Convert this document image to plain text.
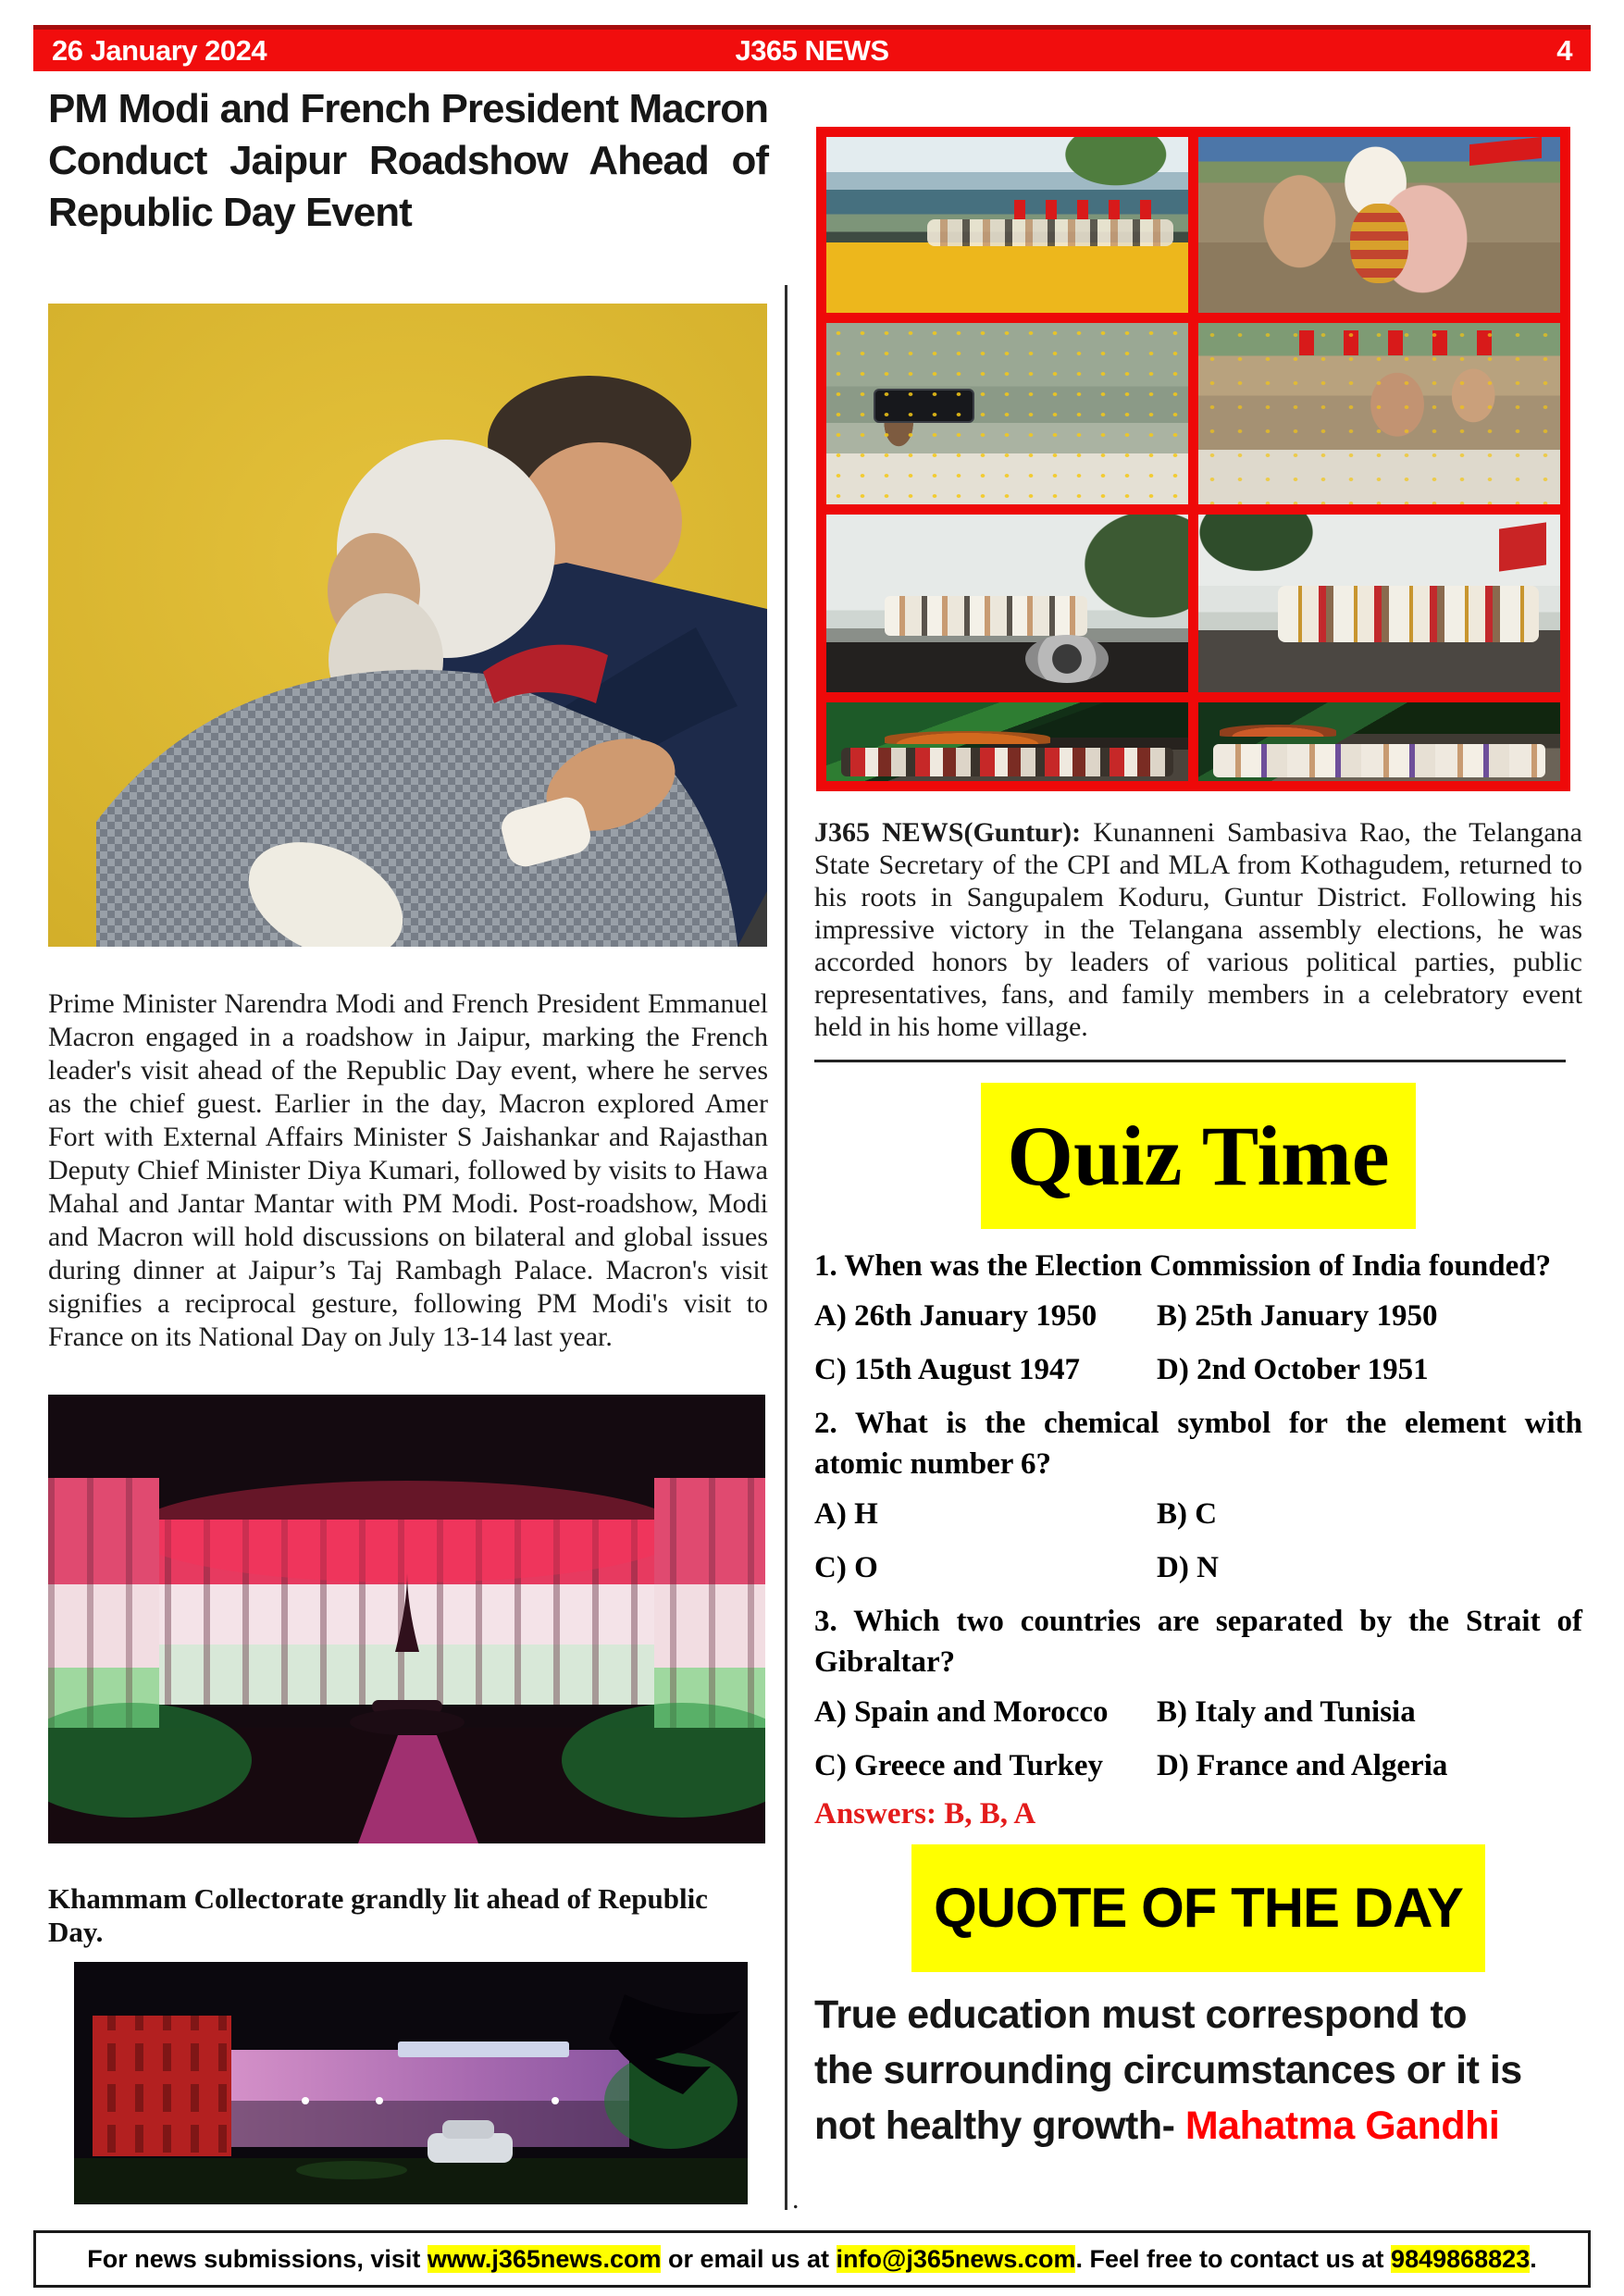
26 January 2024	J365 NEWS	4
.
PM Modi and French President Macron
Conduct Jaipur Roadshow Ahead of
Republic Day Event
Prime Minister Narendra Modi and French President Emmanuel Macron engaged in a roadshow in Jaipur, marking the French leader's visit ahead of the Republic Day event, where he serves as the chief guest. Earlier in the day, Macron explored Amer Fort with External Affairs Minister S Jaishankar and Rajasthan Deputy Chief Minister Diya Kumari, followed by visits to Hawa Mahal and Jantar Mantar with PM Modi. Post-roadshow, Modi and Macron will hold discussions on bilateral and global issues during dinner at Jaipur’s Taj Rambagh Palace. Macron's visit signifies a reciprocal gesture, following PM Modi's visit to France on its National Day on July 13-14 last year.
Khammam Collectorate grandly lit ahead of Republic Day.
J365 NEWS(Guntur): Kunanneni Sambasiva Rao, the Telangana State Secretary of the CPI and MLA from Kothagudem, returned to his roots in Sangupalem Koduru, Guntur District. Following his impressive victory in the Telangana assembly elections, he was accorded honors by leaders of various political parties, public representatives, fans, and family members in a celebratory event held in his home village.
Quiz Time
1. When was the Election Commission of India founded?
A) 26th January 1950	B) 25th January 1950
C) 15th August 1947	D) 2nd October 1951
2. What is the chemical symbol for the element with atomic number 6?
A) H	B) C
C) O	D) N
3. Which two countries are separated by the Strait of Gibraltar?
A) Spain and Morocco	B) Italy and Tunisia
C) Greece and Turkey	D) France and Algeria
Answers: B, B, A
QUOTE OF THE DAY
True education must correspond to
the surrounding circumstances or it is
not healthy growth- Mahatma Gandhi
For news submissions, visit www.j365news.com or email us at info@j365news.com. Feel free to contact us at 9849868823.
